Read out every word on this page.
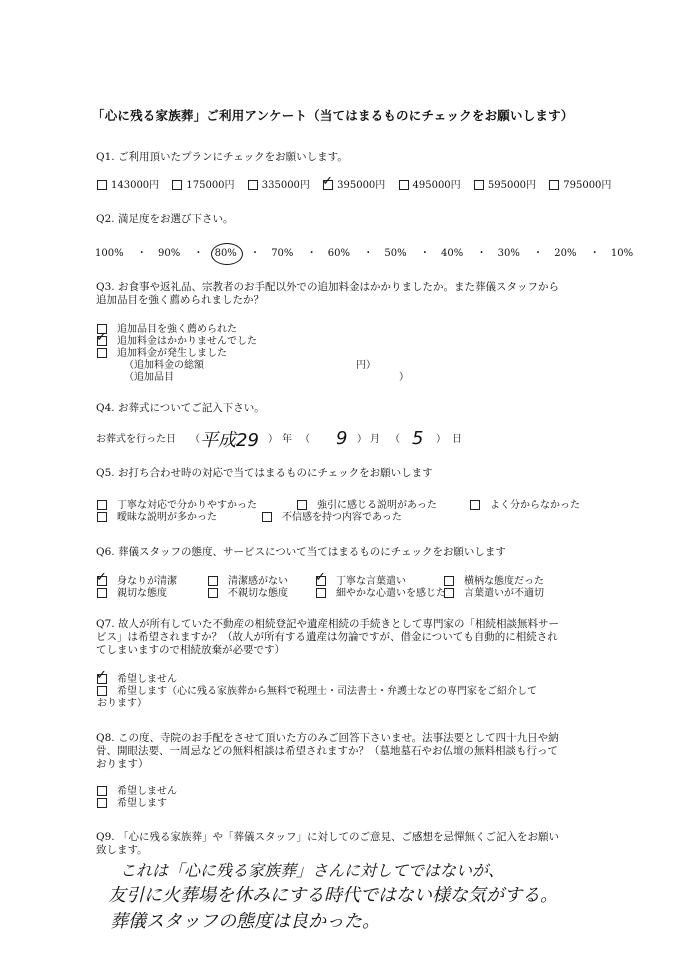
「心に残る家族葬」ご利用アンケート（当てはまるものにチェックをお願いします）
Q1. ご利用頂いたプランにチェックをお願いします。
143000円	175000円	335000円 ✓ 395000円	495000円	595000円	795000円
Q2. 満足度をお選び下さい。
100% ・ 90% ・ 80% ・ 70% ・ 60% ・ 50% ・ 40% ・ 30% ・ 20% ・ 10%
Q3. お食事や返礼品、宗教者のお手配以外での追加料金はかかりましたか。また葬儀スタッフから
追加品目を強く薦められましたか？
追加品目を強く薦められた
✓ 追加料金はかかりませんでした
追加料金が発生しました
（追加料金の総額	円）
（追加品目	）
Q4. お葬式についてご記入下さい。
お葬式を行った日 （ 平成29 ） 年 （ 9 ） 月 （ 5 ） 日
Q5. お打ち合わせ時の対応で当てはまるものにチェックをお願いします
丁寧な対応で分かりやすかった	強引に感じる説明があった	よく分からなかった
曖昧な説明が多かった	不信感を持つ内容であった
Q6. 葬儀スタッフの態度、サービスについて当てはまるものにチェックをお願いします
✓ 身なりが清潔	清潔感がない ✓ 丁寧な言葉遣い	横柄な態度だった
親切な態度	不親切な態度	細やかな心遣いを感じた	言葉遣いが不適切
Q7. 故人が所有していた不動産の相続登記や遺産相続の手続きとして専門家の「相続相談無料サー
ビス」は希望されますか？（故人が所有する遺産は勿論ですが、借金についても自動的に相続され
てしまいますので相続放棄が必要です）
✓ 希望しません
希望します（心に残る家族葬から無料で税理士・司法書士・弁護士などの専門家をご紹介して
おります）
Q8. この度、寺院のお手配をさせて頂いた方のみご回答下さいませ。法事法要として四十九日や納
骨、開眼法要、一周忌などの無料相談は希望されますか？（墓地墓石やお仏壇の無料相談も行って
おります）
希望しません
希望します
Q9. 「心に残る家族葬」や「葬儀スタッフ」に対してのご意見、ご感想を忌憚無くご記入をお願い
致します。
これは「心に残る家族葬」さんに対してではないが、
友引に火葬場を休みにする時代ではない様な気がする。
葬儀スタッフの態度は良かった。
